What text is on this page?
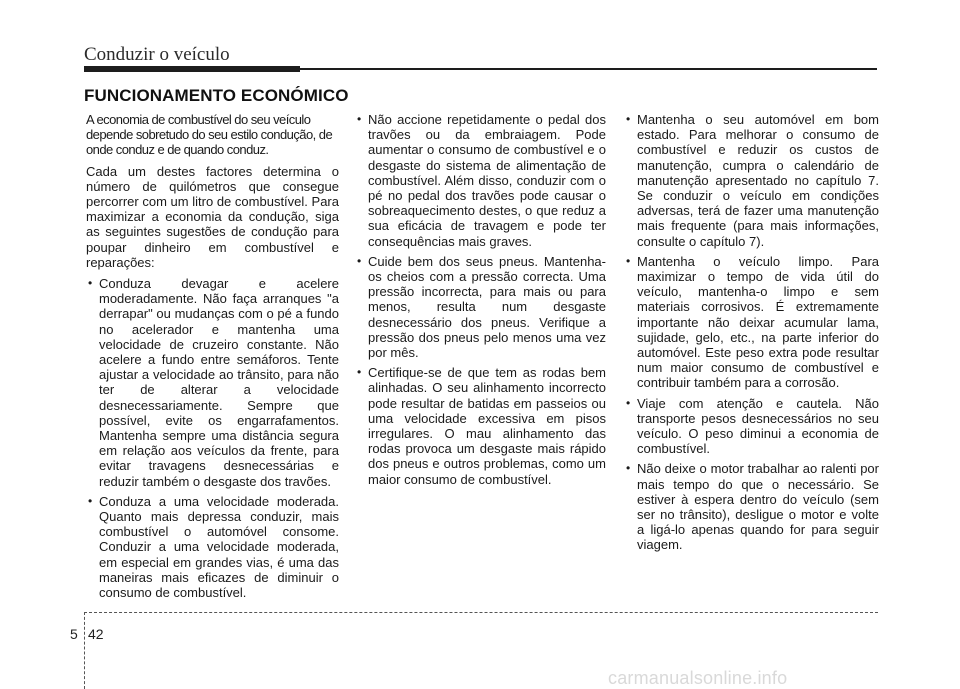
Conduzir o veículo
FUNCIONAMENTO ECONÓMICO

A economia de combustível do seu veículo depende sobretudo do seu estilo condução, de onde conduz e de quando conduz.

Cada um destes factores determina o número de quilómetros que consegue percorrer com um litro de combustível. Para maximizar a economia da condução, siga as seguintes sugestões de condução para poupar dinheiro em combustível e reparações:

• Conduza devagar e acelere moderadamente. Não faça arranques "a derrapar" ou mudanças com o pé a fundo no acelerador e mantenha uma velocidade de cruzeiro constante. Não acelere a fundo entre semáforos. Tente ajustar a velocidade ao trânsito, para não ter de alterar a velocidade desnecessariamente. Sempre que possível, evite os engarrafamentos. Mantenha sempre uma distância segura em relação aos veículos da frente, para evitar travagens desnecessárias e reduzir também o desgaste dos travões.
• Conduza a uma velocidade moderada. Quanto mais depressa conduzir, mais combustível o automóvel consome. Conduzir a uma velocidade moderada, em especial em grandes vias, é uma das maneiras mais eficazes de diminuir o consumo de combustível.
• Não accione repetidamente o pedal dos travões ou da embraiagem. Pode aumentar o consumo de combustível e o desgaste do sistema de alimentação de combustível. Além disso, conduzir com o pé no pedal dos travões pode causar o sobreaquecimento destes, o que reduz a sua eficácia de travagem e pode ter consequências mais graves.
• Cuide bem dos seus pneus. Mantenha-os cheios com a pressão correcta. Uma pressão incorrecta, para mais ou para menos, resulta num desgaste desnecessário dos pneus. Verifique a pressão dos pneus pelo menos uma vez por mês.
• Certifique-se de que tem as rodas bem alinhadas. O seu alinhamento incorrecto pode resultar de batidas em passeios ou uma velocidade excessiva em pisos irregulares. O mau alinhamento das rodas provoca um desgaste mais rápido dos pneus e outros problemas, como um maior consumo de combustível.
• Mantenha o seu automóvel em bom estado. Para melhorar o consumo de combustível e reduzir os custos de manutenção, cumpra o calendário de manutenção apresentado no capítulo 7. Se conduzir o veículo em condições adversas, terá de fazer uma manutenção mais frequente (para mais informações, consulte o capítulo 7).
• Mantenha o veículo limpo. Para maximizar o tempo de vida útil do veículo, mantenha-o limpo e sem materiais corrosivos. É extremamente importante não deixar acumular lama, sujidade, gelo, etc., na parte inferior do automóvel. Este peso extra pode resultar num maior consumo de combustível e contribuir também para a corrosão.
• Viaje com atenção e cautela. Não transporte pesos desnecessários no seu veículo. O peso diminui a economia de combustível.
• Não deixe o motor trabalhar ao ralenti por mais tempo do que o necessário. Se estiver à espera dentro do veículo (sem ser no trânsito), desligue o motor e volte a ligá-lo apenas quando for para seguir viagem.
5 42
carmanualsonline.info
